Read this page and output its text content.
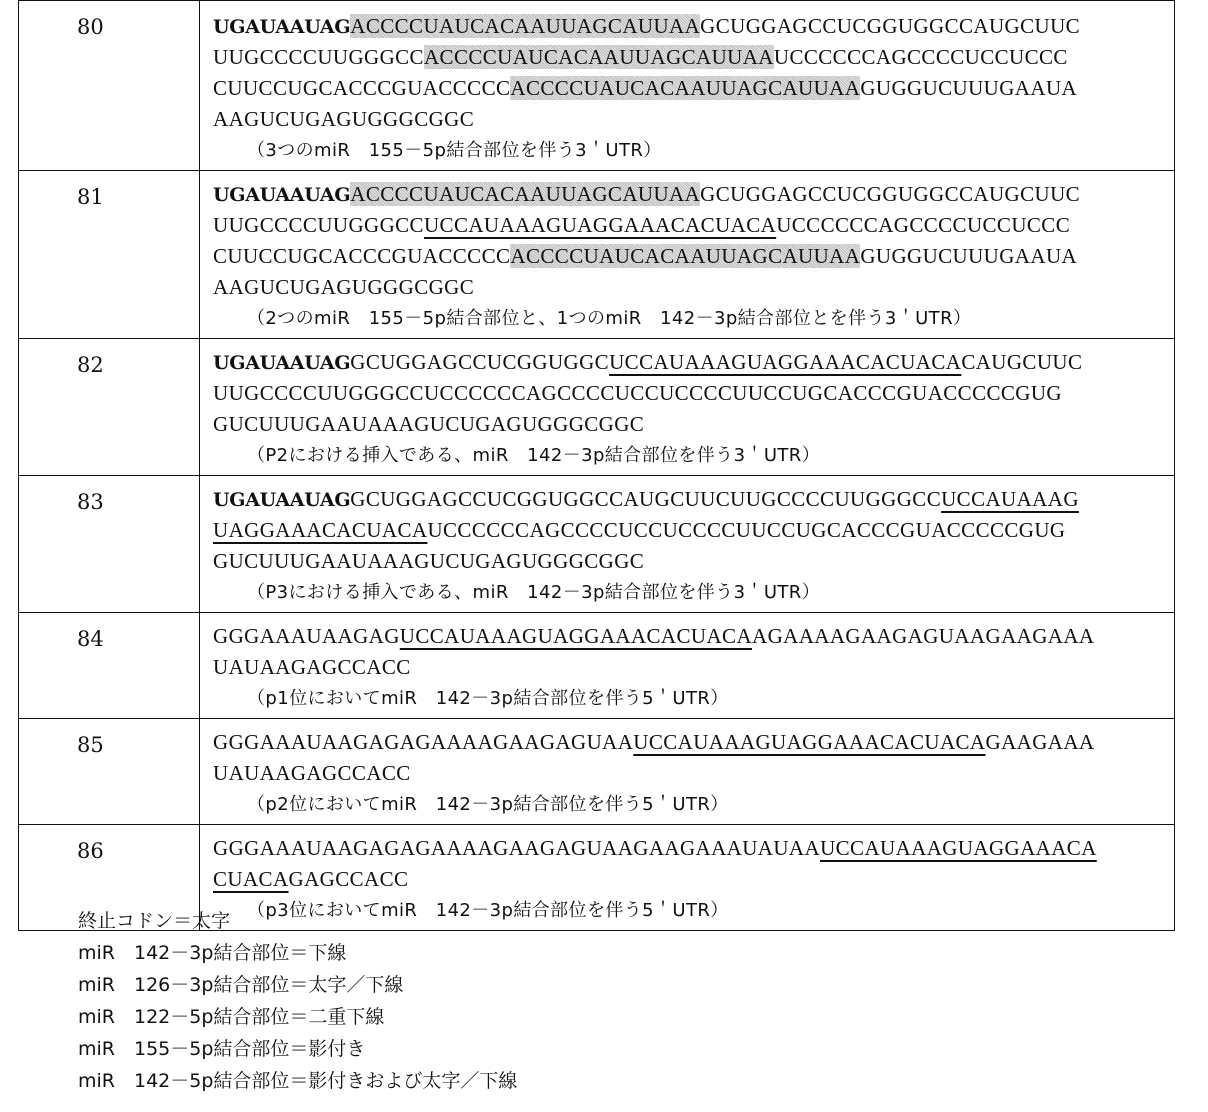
80	UGAUAAUAGACCCCUAUCACAAUUAGCAUUAAGCUGGAGCCUCGGUGGCCAUGCUUC
UUGCCCCUUGGGCCACCCCUAUCACAAUUAGCAUUAAUCCCCCCAGCCCCUCCUCCC
CUUCCUGCACCCGUACCCCCACCCCUAUCACAAUUAGCAUUAAGUGGUCUUUGAAUA
AAGUCUGAGUGGGCGGC
（3つのmiR　155－5p結合部位を伴う3＇UTR）

81	UGAUAAUAGACCCCUAUCACAAUUAGCAUUAAGCUGGAGCCUCGGUGGCCAUGCUUC
UUGCCCCUUGGGCCUCCAUAAAGUAGGAAACACUACAUCCCCCCAGCCCCUCCUCCC
CUUCCUGCACCCGUACCCCCACCCCUAUCACAAUUAGCAUUAAGUGGUCUUUGAAUA
AAGUCUGAGUGGGCGGC
（2つのmiR　155－5p結合部位と、1つのmiR　142－3p結合部位とを伴う3＇UTR）

82	UGAUAAUAGGCUGGAGCCUCGGUGGCUCCAUAAAGUAGGAAACACUACACAUGCUUC
UUGCCCCUUGGGCCUCCCCCCAGCCCCUCCUCCCCUUCCUGCACCCGUACCCCCGUG
GUCUUUGAAUAAAGUCUGAGUGGGCGGC
（P2における挿入である、miR　142－3p結合部位を伴う3＇UTR）

83	UGAUAAUAGGCUGGAGCCUCGGUGGCCAUGCUUCUUGCCCCUUGGGCCUCCAUAAAG
UAGGAAACACUACAUCCCCCCAGCCCCUCCUCCCCUUCCUGCACCCGUACCCCCGUG
GUCUUUGAAUAAAGUCUGAGUGGGCGGC
（P3における挿入である、miR　142－3p結合部位を伴う3＇UTR）

84	GGGAAAUAAGAGUCCAUAAAGUAGGAAACACUACAAGAAAAGAAGAGUAAGAAGAAA
UAUAAGAGCCACC
（p1位においてmiR　142－3p結合部位を伴う5＇UTR）

85	GGGAAAUAAGAGAGAAAAGAAGAGUAAUCCAUAAAGUAGGAAACACUACAGAAGAAA
UAUAAGAGCCACC
（p2位においてmiR　142－3p結合部位を伴う5＇UTR）

86	GGGAAAUAAGAGAGAAAAGAAGAGUAAGAAGAAAUAUAAUCCAUAAAGUAGGAAACA
CUACAGAGCCACC
（p3位においてmiR　142－3p結合部位を伴う5＇UTR）
終止コドン＝太字
miR　142－3p結合部位＝下線
miR　126－3p結合部位＝太字／下線
miR　122－5p結合部位＝二重下線
miR　155－5p結合部位＝影付き
miR　142－5p結合部位＝影付きおよび太字／下線
